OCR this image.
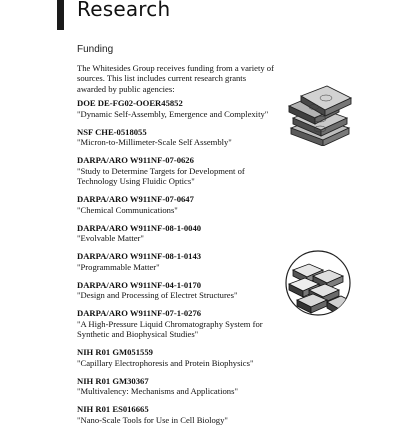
Research
Funding

The Whitesides Group receives funding from a variety of sources. This list includes current research grants awarded by public agencies:

DOE DE-FG02-OOER45852
"Dynamic Self-Assembly, Emergence and Complexity"
NSF CHE-0518055
"Micron-to-Millimeter-Scale Self Assembly"
DARPA/ARO W911NF-07-0626
"Study to Determine Targets for Development of Technology Using Fluidic Optics"
DARPA/ARO W911NF-07-0647
"Chemical Communications"
DARPA/ARO W911NF-08-1-0040
"Evolvable Matter"
DARPA/ARO W911NF-08-1-0143
"Programmable Matter"
DARPA/ARO W911NF-04-1-0170
"Design and Processing of Electret Structures"
DARPA/ARO W911NF-07-1-0276
"A High-Pressure Liquid Chromatography System for Synthetic and Biophysical Studies"
NIH R01 GM051559
"Capillary Electrophoresis and Protein Biophysics"
NIH R01 GM30367
"Multivalency: Mechanisms and Applications"
NIH R01 ES016665
"Nano-Scale Tools for Use in Cell Biology"
